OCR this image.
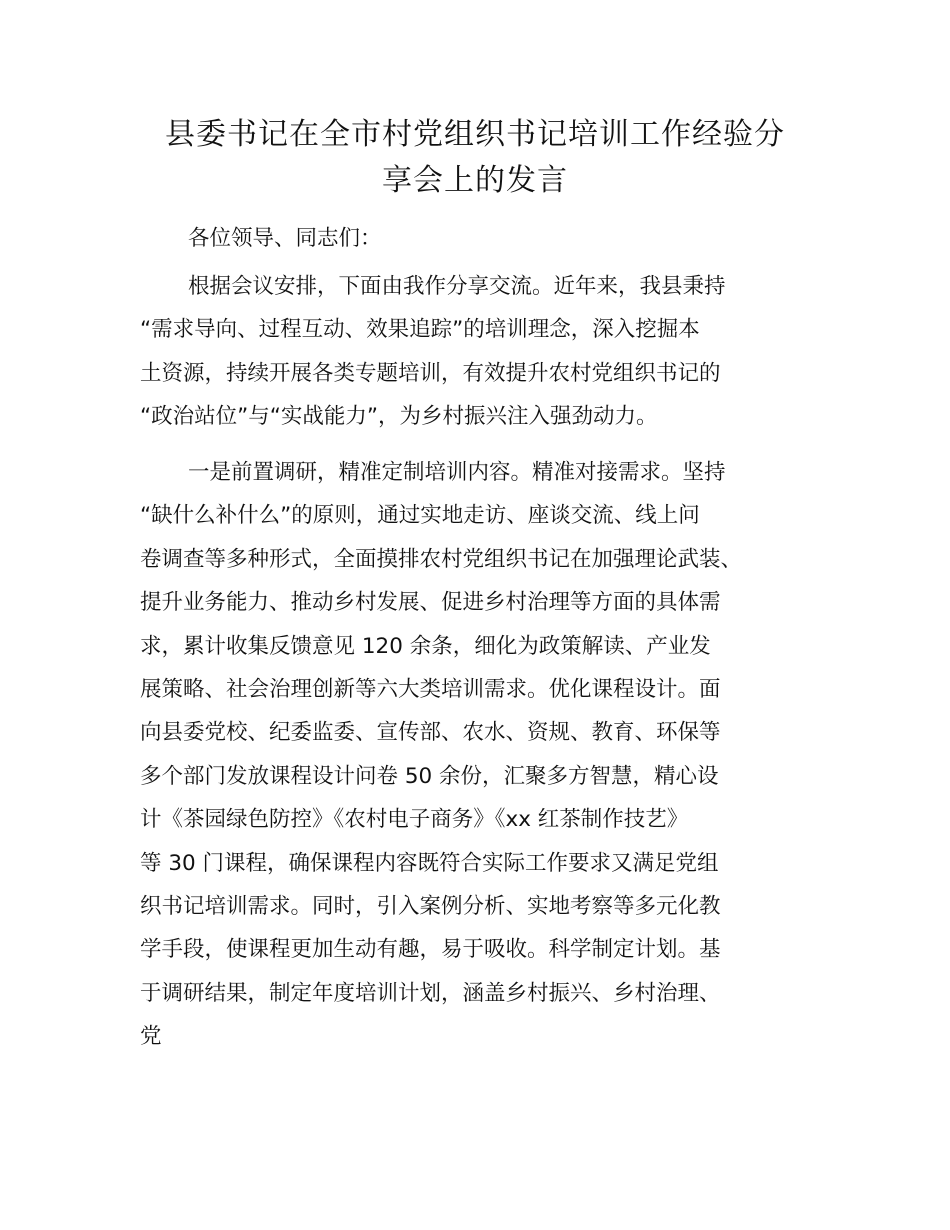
县委书记在全市村党组织书记培训工作经验分
享会上的发言
各位领导、同志们：
根据会议安排，下面由我作分享交流。近年来，我县秉持
“需求导向、过程互动、效果追踪”的培训理念，深入挖掘本
土资源，持续开展各类专题培训，有效提升农村党组织书记的
“政治站位”与“实战能力”，为乡村振兴注入强劲动力。
一是前置调研，精准定制培训内容。精准对接需求。坚持
“缺什么补什么”的原则，通过实地走访、座谈交流、线上问
卷调查等多种形式，全面摸排农村党组织书记在加强理论武装、
提升业务能力、推动乡村发展、促进乡村治理等方面的具体需
求，累计收集反馈意见 120 余条，细化为政策解读、产业发
展策略、社会治理创新等六大类培训需求。优化课程设计。面
向县委党校、纪委监委、宣传部、农水、资规、教育、环保等
多个部门发放课程设计问卷 50 余份，汇聚多方智慧，精心设
计《茶园绿色防控》《农村电子商务》《xx 红茶制作技艺》
等 30 门课程，确保课程内容既符合实际工作要求又满足党组
织书记培训需求。同时，引入案例分析、实地考察等多元化教
学手段，使课程更加生动有趣，易于吸收。科学制定计划。基
于调研结果，制定年度培训计划，涵盖乡村振兴、乡村治理、
党
